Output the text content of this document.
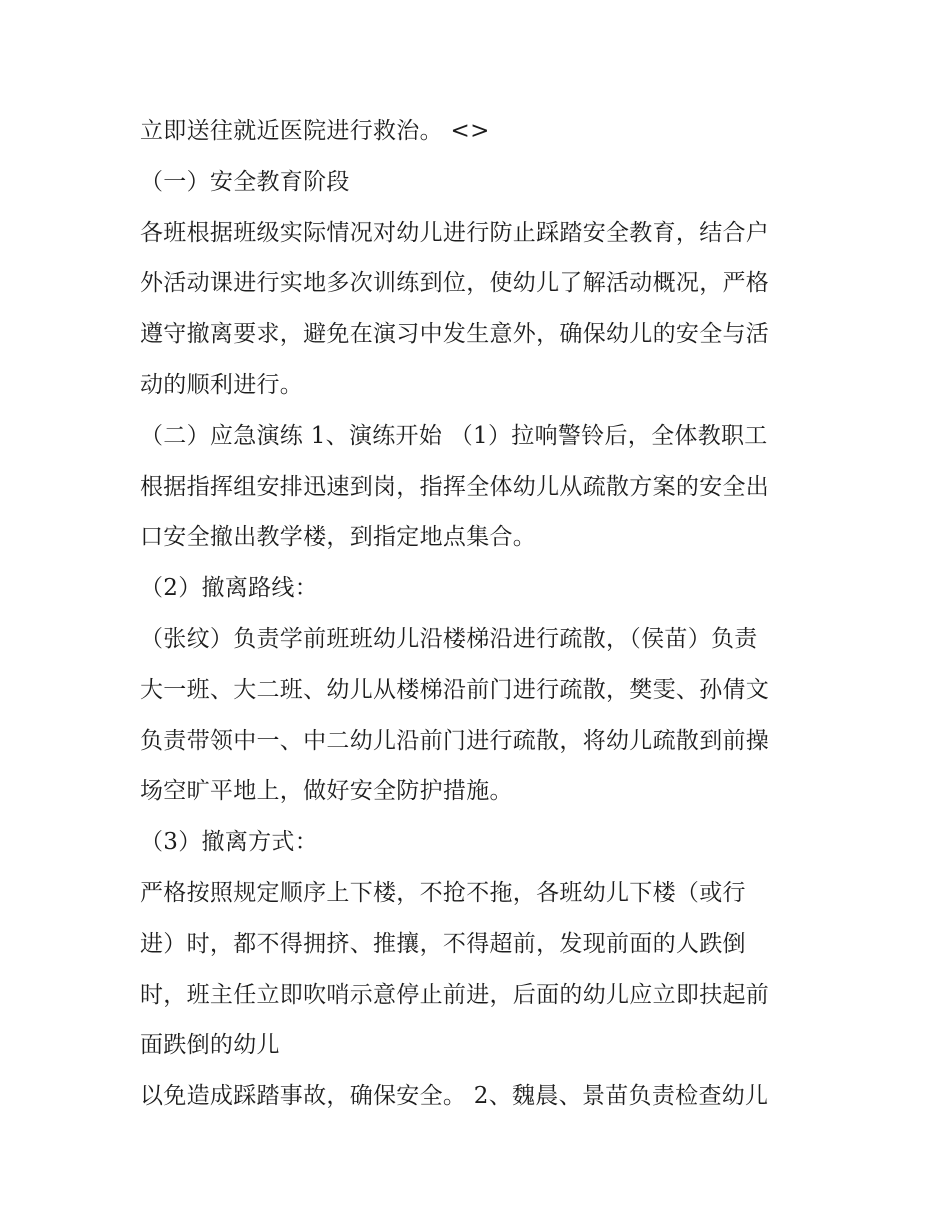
立即送往就近医院进行救治。 <>
（一）安全教育阶段
各班根据班级实际情况对幼儿进行防止踩踏安全教育，结合户
外活动课进行实地多次训练到位，使幼儿了解活动概况，严格
遵守撤离要求，避免在演习中发生意外，确保幼儿的安全与活
动的顺利进行。
（二）应急演练 1、演练开始 （1）拉响警铃后，全体教职工
根据指挥组安排迅速到岗，指挥全体幼儿从疏散方案的安全出
口安全撤出教学楼，到指定地点集合。
（2）撤离路线：
（张纹）负责学前班班幼儿沿楼梯沿进行疏散，（侯苗）负责
大一班、大二班、幼儿从楼梯沿前门进行疏散，樊雯、孙倩文
负责带领中一、中二幼儿沿前门进行疏散，将幼儿疏散到前操
场空旷平地上，做好安全防护措施。
（3）撤离方式：
严格按照规定顺序上下楼，不抢不拖，各班幼儿下楼（或行
进）时，都不得拥挤、推攘，不得超前，发现前面的人跌倒
时，班主任立即吹哨示意停止前进，后面的幼儿应立即扶起前
面跌倒的幼儿
以免造成踩踏事故，确保安全。 2、魏晨、景苗负责检查幼儿
